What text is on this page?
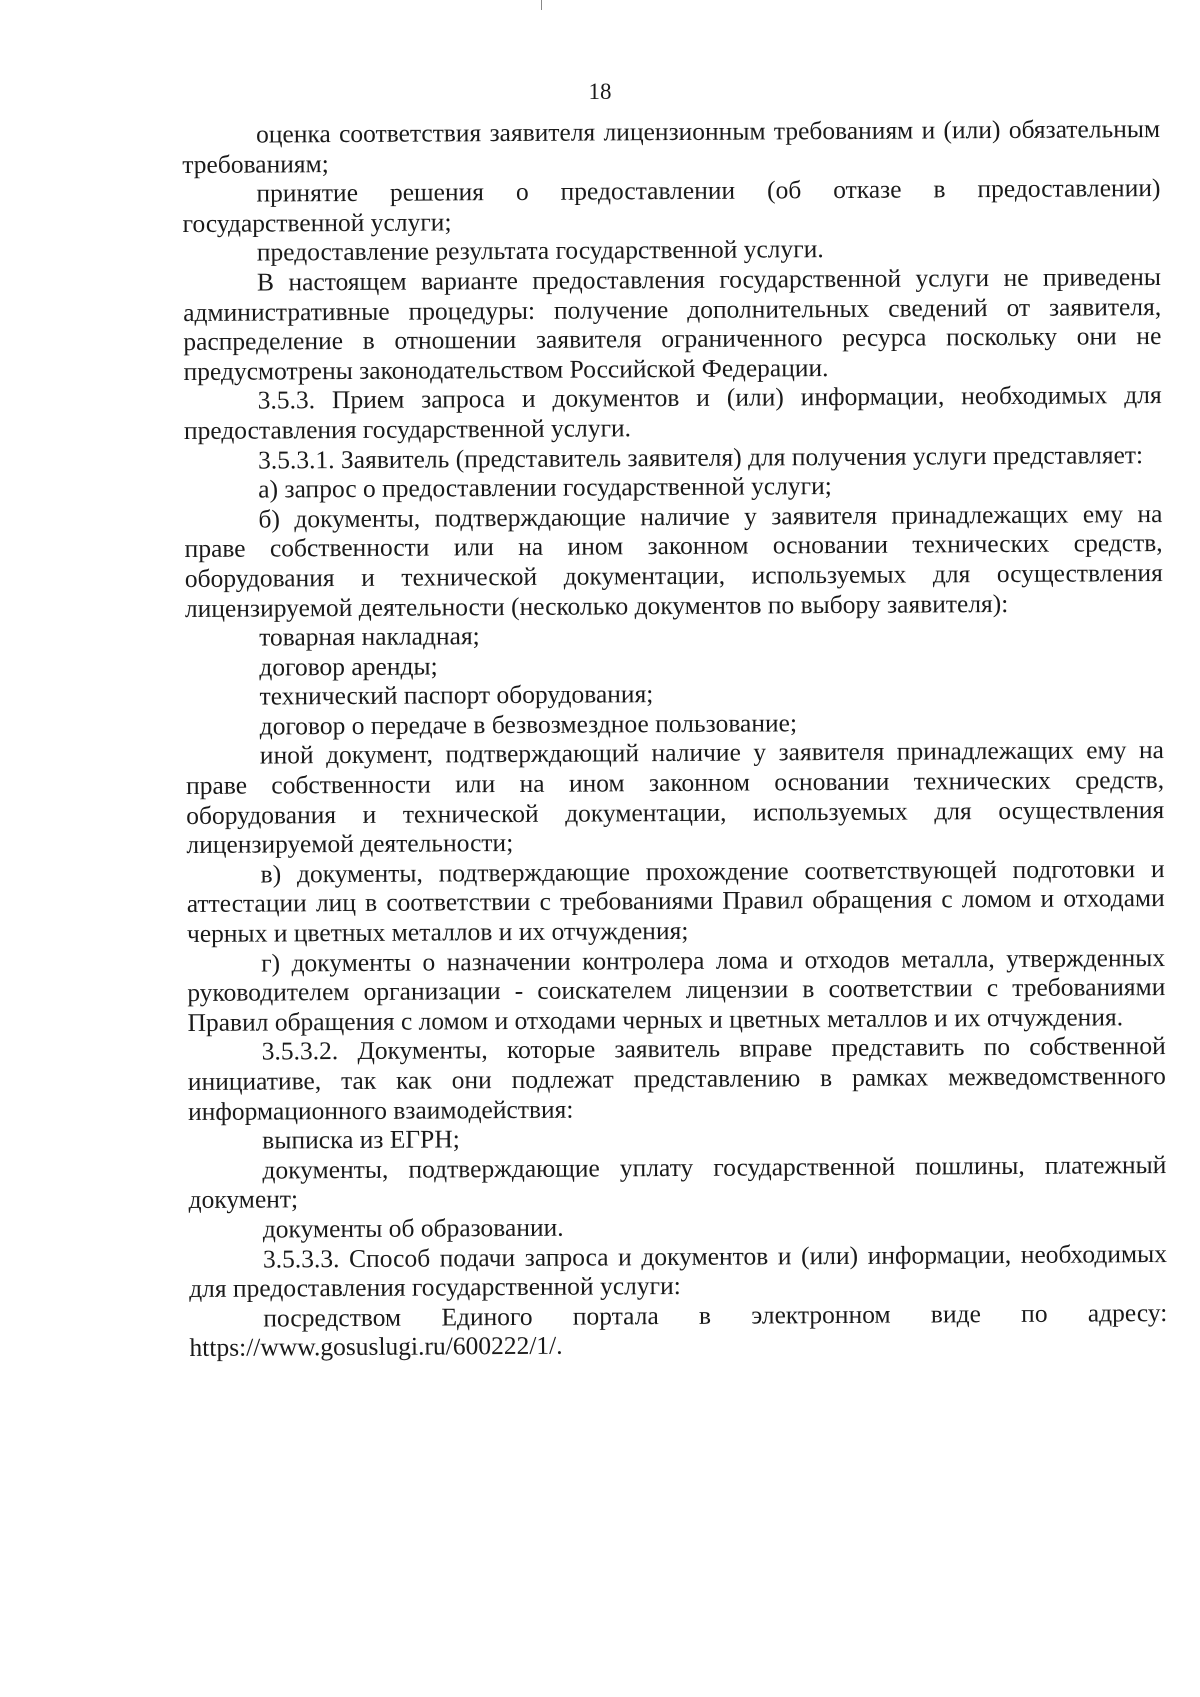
18

оценка соответствия заявителя лицензионным требованиям и (или) обязательным требованиям;

принятие решения о предоставлении (об отказе в предоставлении) государственной услуги;

предоставление результата государственной услуги.

В настоящем варианте предоставления государственной услуги не приведены административные процедуры: получение дополнительных сведений от заявителя, распределение в отношении заявителя ограниченного ресурса поскольку они не предусмотрены законодательством Российской Федерации.

3.5.3. Прием запроса и документов и (или) информации, необходимых для предоставления государственной услуги.

3.5.3.1. Заявитель (представитель заявителя) для получения услуги представляет:

а) запрос о предоставлении государственной услуги;

б) документы, подтверждающие наличие у заявителя принадлежащих ему на праве собственности или на ином законном основании технических средств, оборудования и технической документации, используемых для осуществления лицензируемой деятельности (несколько документов по выбору заявителя):

товарная накладная;

договор аренды;

технический паспорт оборудования;

договор о передаче в безвозмездное пользование;

иной документ, подтверждающий наличие у заявителя принадлежащих ему на праве собственности или на ином законном основании технических средств, оборудования и технической документации, используемых для осуществления лицензируемой деятельности;

в) документы, подтверждающие прохождение соответствующей подготовки и аттестации лиц в соответствии с требованиями Правил обращения с ломом и отходами черных и цветных металлов и их отчуждения;

г) документы о назначении контролера лома и отходов металла, утвержденных руководителем организации - соискателем лицензии в соответствии с требованиями Правил обращения с ломом и отходами черных и цветных металлов и их отчуждения.

3.5.3.2. Документы, которые заявитель вправе представить по собственной инициативе, так как они подлежат представлению в рамках межведомственного информационного взаимодействия:

выписка из ЕГРН;

документы, подтверждающие уплату государственной пошлины, платежный документ;

документы об образовании.

3.5.3.3. Способ подачи запроса и документов и (или) информации, необходимых для предоставления государственной услуги:

посредством Единого портала в электронном виде по адресу: https://www.gosuslugi.ru/600222/1/.
